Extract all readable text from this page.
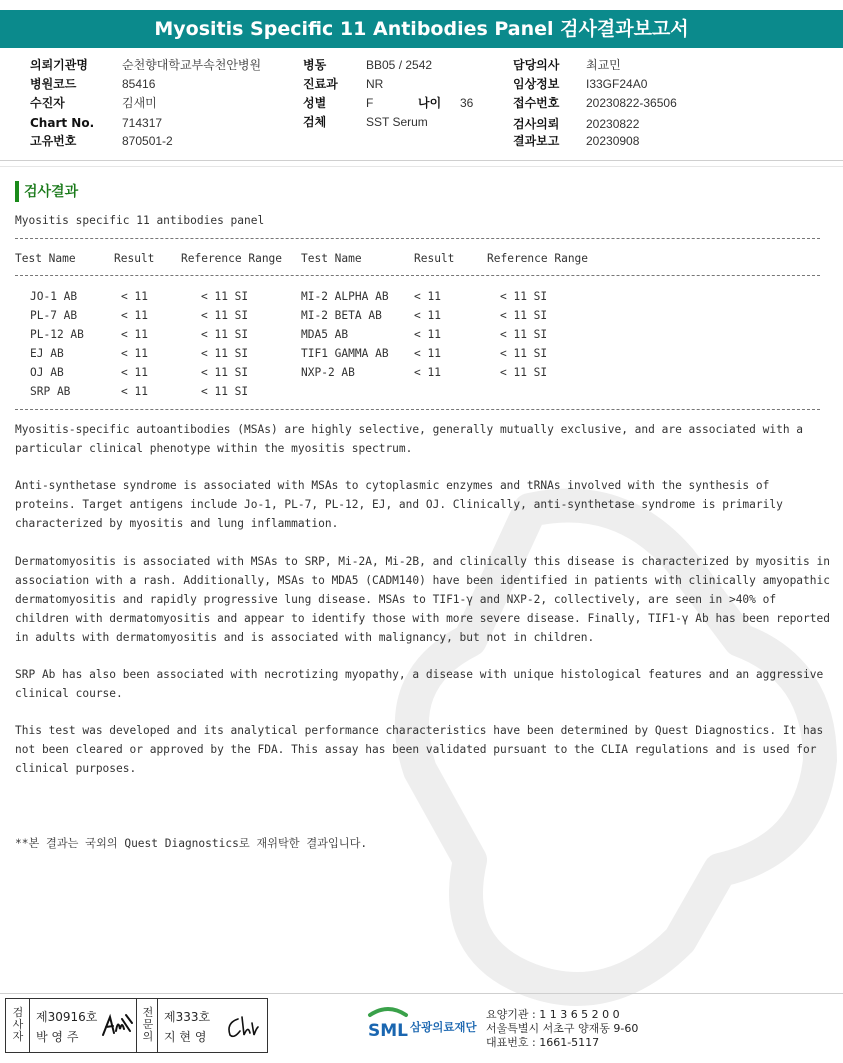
Myositis Specific 11 Antibodies Panel 검사결과보고서
의뢰기관명	순천향대학교부속천안병원
병원코드	85416
수진자	김새미
Chart No. 714317
고유번호	870501-2
병동	BB05 / 2542
진료과 NR
성별	F	나이 36
검체	SST Serum
담당의사 최교민
임상정보 I33GF24A0
접수번호 20230822-36506
검사의뢰 20230822
결과보고 20230908
검사결과
Myositis specific 11 antibodies panel
Test Name	Result Reference Range Test Name	Result	Reference Range
JO-1 AB	< 11	< 11 SI
PL-7 AB	< 11	< 11 SI
PL-12 AB	< 11	< 11 SI
EJ AB	< 11	< 11 SI
OJ AB	< 11	< 11 SI
SRP AB	< 11	< 11 SI
MI-2 ALPHA AB < 11	< 11 SI
MI-2 BETA AB	< 11	< 11 SI
MDA5 AB	< 11	< 11 SI
TIF1 GAMMA AB < 11	< 11 SI
NXP-2 AB	< 11	< 11 SI
Myositis-specific autoantibodies (MSAs) are highly selective, generally mutually exclusive, and are associated with a particular clinical phenotype within the myositis spectrum.
Anti-synthetase syndrome is associated with MSAs to cytoplasmic enzymes and tRNAs involved with the synthesis of proteins. Target antigens include Jo-1, PL-7, PL-12, EJ, and OJ. Clinically, anti-synthetase syndrome is primarily characterized by myositis and lung inflammation.
Dermatomyositis is associated with MSAs to SRP, Mi-2A, Mi-2B, and clinically this disease is characterized by myositis in association with a rash. Additionally, MSAs to MDA5 (CADM140) have been identified in patients with clinically amyopathic dermatomyositis and rapidly progressive lung disease. MSAs to TIF1-γ and NXP-2, collectively, are seen in >40% of children with dermatomyositis and appear to identify those with more severe disease. Finally, TIF1-γ Ab has been reported in adults with dermatomyositis and is associated with malignancy, but not in children.
SRP Ab has also been associated with necrotizing myopathy, a disease with unique histological features and an aggressive clinical course.
This test was developed and its analytical performance characteristics have been determined by Quest Diagnostics. It has not been cleared or approved by the FDA. This assay has been validated pursuant to the CLIA regulations and is used for clinical purposes.
**본 결과는 국외의 Quest Diagnostics로 재위탁한 결과입니다.
검사자
제30916호
박 영 주
전문의
제333호
지 현 영	SML 삼광의료재단
요양기관 : 1 1 3 6 5 2 0 0
서울특별시 서초구 양재동 9-60
대표번호 : 1661-5117
